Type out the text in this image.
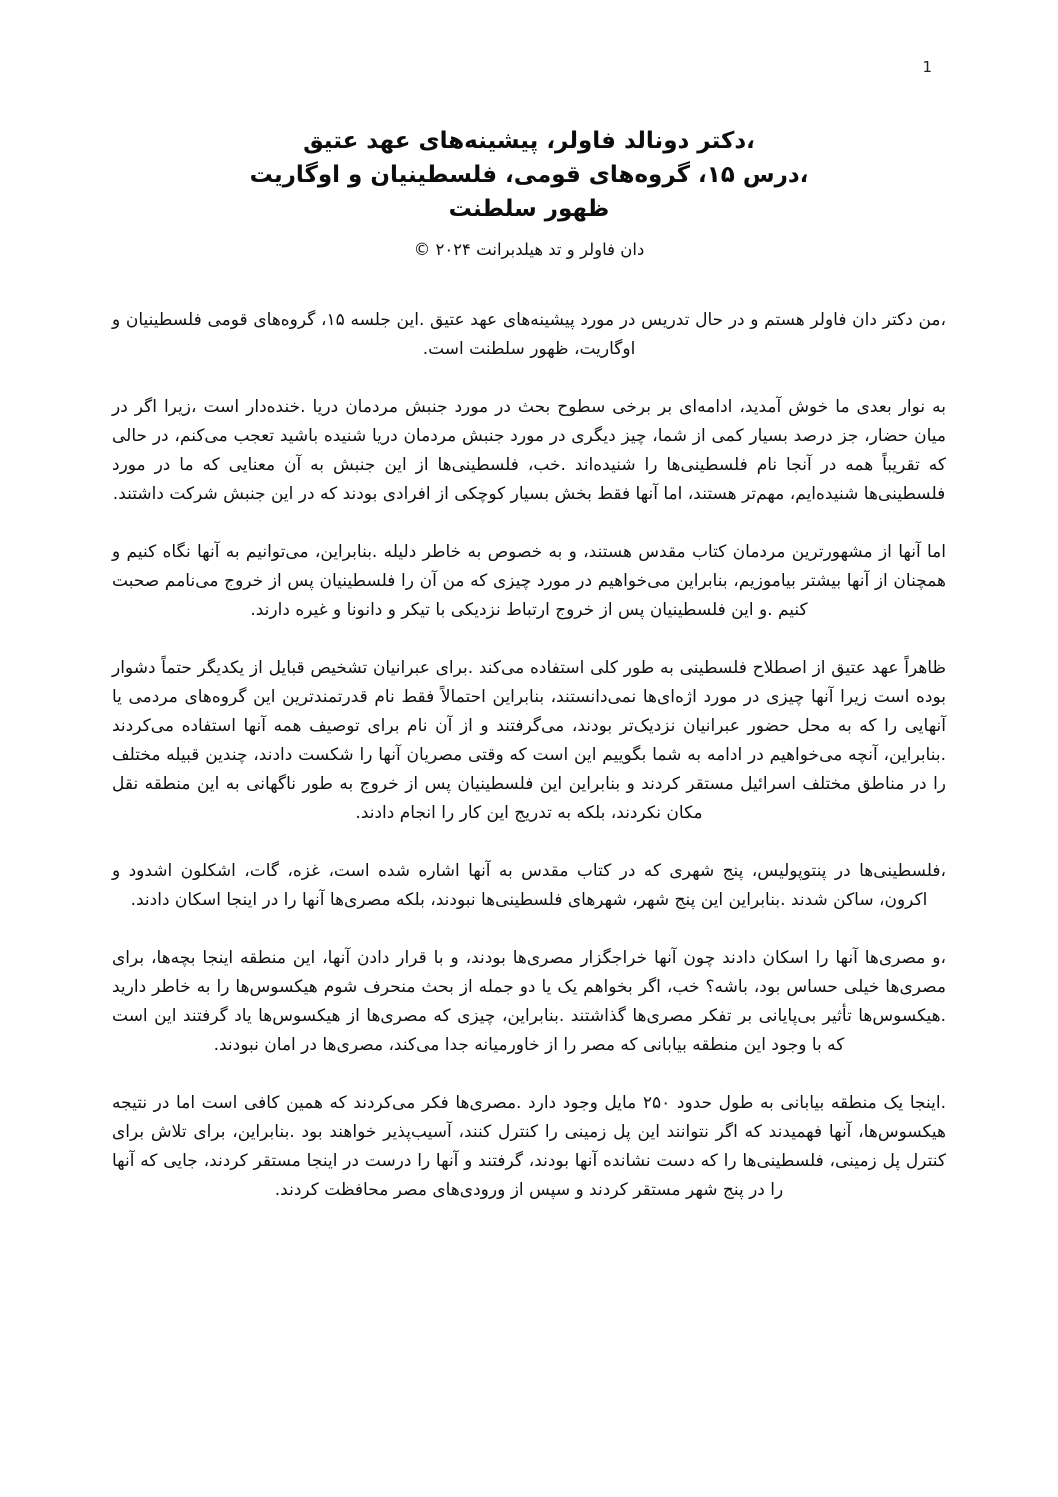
1
،دکتر دونالد فاولر، پیشینه‌های عهد عتیق
،درس ۱۵، گروه‌های قومی، فلسطینیان و اوگاریت
ظهور سلطنت
دان فاولر و تد هیلدبرانت ۲۰۲۴ ©

،من دکتر دان فاولر هستم و در حال تدریس در مورد پیشینه‌های عهد عتیق .این جلسه ۱۵، گروه‌های قومی فلسطینیان و اوگاریت، ظهور سلطنت است.

به نوار بعدی ما خوش آمدید، ادامه‌ای بر برخی سطوح بحث در مورد جنبش مردمان دریا .خنده‌دار است ،زیرا اگر در میان حضار، جز درصد بسیار کمی از شما، چیز دیگری در مورد جنبش مردمان دریا شنیده باشید تعجب می‌کنم، در حالی که تقریباً همه در آنجا نام فلسطینی‌ها را شنیده‌اند .خب، فلسطینی‌ها از این جنبش به آن معنایی که ما در مورد فلسطینی‌ها شنیده‌ایم، مهم‌تر هستند، اما آنها فقط بخش بسیار کوچکی از افرادی بودند که در این جنبش شرکت داشتند.

اما آنها از مشهورترین مردمان کتاب مقدس هستند، و به خصوص به خاطر دلیله .بنابراین، می‌توانیم به آنها نگاه کنیم و همچنان از آنها بیشتر بیاموزیم، بنابراین می‌خواهیم در مورد چیزی که من آن را فلسطینیان پس از خروج می‌نامم صحبت کنیم .و این فلسطینیان پس از خروج ارتباط نزدیکی با تیکر و دانونا و غیره دارند.

ظاهراً عهد عتیق از اصطلاح فلسطینی به طور کلی استفاده می‌کند .برای عبرانیان تشخیص قبایل از یکدیگر حتماً دشوار بوده است زیرا آنها چیزی در مورد اژه‌ای‌ها نمی‌دانستند، بنابراین احتمالاً فقط نام قدرتمندترین این گروه‌های مردمی یا آنهایی را که به محل حضور عبرانیان نزدیک‌تر بودند، می‌گرفتند و از آن نام برای توصیف همه آنها استفاده می‌کردند .بنابراین، آنچه می‌خواهیم در ادامه به شما بگوییم این است که وقتی مصریان آنها را شکست دادند، چندین قبیله مختلف را در مناطق مختلف اسرائیل مستقر کردند و بنابراین این فلسطینیان پس از خروج به طور ناگهانی به این منطقه نقل مکان نکردند، بلکه به تدریج این کار را انجام دادند.

،فلسطینی‌ها در پنتوپولیس، پنج شهری که در کتاب مقدس به آنها اشاره شده است، غزه، گات، اشکلون اشدود و اکرون، ساکن شدند .بنابراین این پنج شهر، شهرهای فلسطینی‌ها نبودند، بلکه مصری‌ها آنها را در اینجا اسکان دادند.

،و مصری‌ها آنها را اسکان دادند چون آنها خراجگزار مصری‌ها بودند، و با قرار دادن آنها، این منطقه اینجا بچه‌ها، برای مصری‌ها خیلی حساس بود، باشه؟ خب، اگر بخواهم یک یا دو جمله از بحث منحرف شوم هیکسوس‌ها را به خاطر دارید .هیکسوس‌ها تأثیر بی‌پایانی بر تفکر مصری‌ها گذاشتند .بنابراین، چیزی که مصری‌ها از هیکسوس‌ها یاد گرفتند این است که با وجود این منطقه بیابانی که مصر را از خاورمیانه جدا می‌کند، مصری‌ها در امان نبودند.

.اینجا یک منطقه بیابانی به طول حدود ۲۵۰ مایل وجود دارد .مصری‌ها فکر می‌کردند که همین کافی است اما در نتیجه هیکسوس‌ها، آنها فهمیدند که اگر نتوانند این پل زمینی را کنترل کنند، آسیب‌پذیر خواهند بود .بنابراین، برای تلاش برای کنترل پل زمینی، فلسطینی‌ها را که دست نشانده آنها بودند، گرفتند و آنها را درست در اینجا مستقر کردند، جایی که آنها را در پنج شهر مستقر کردند و سپس از ورودی‌های مصر محافظت کردند.
